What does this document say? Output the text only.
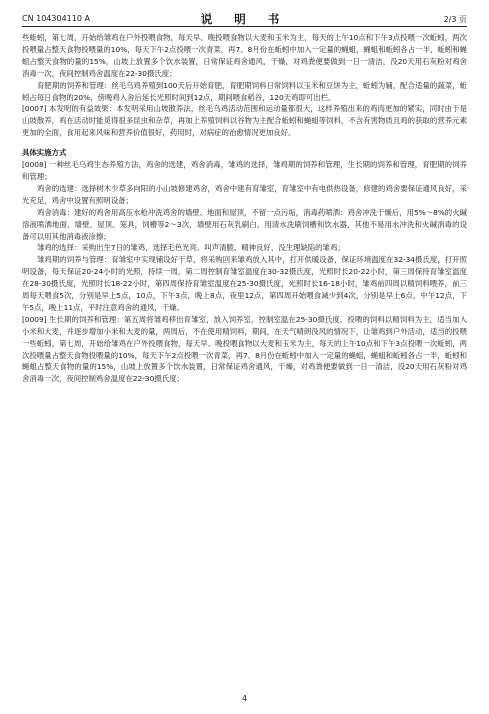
CN 104304110 A	说 明 书	2/3 页

些蚯蚓，第七周，开始给雏鸡在户外投喂食物，每天早、晚投喂食物以大麦和玉米为主，每天的上午10点和下午3点投喂一次蚯蚓，两次投喂量占整天食物投喂量的10%，每天下午2点投喂一次青菜，再7、8月份在蚯蚓中加入一定量的蝇蛆，蝇蛆和蚯蚓各占一半，蚯蚓和蝇蛆占整天食物的量的15%，山坡上放置多个饮水装置，日常保证鸡舍通风，干燥，对鸡粪便要做到一日一清洁，没20天用石灰粉对鸡舍消毒一次，夜间控制鸡舍温度在22-30摄氏度；

育肥期的饲养和管理：丝毛乌鸡养殖到100天后开始育肥，育肥期饲料日常饲料以玉米和豆饼为主，蚯蚓为辅，配合适量的蔬菜，蚯蚓占每日食物的20%，傍晚鸡入舍后延长光照时间到12点，期间喂食稻谷，120天鸡即可出栏。

[0007] 本发明的有益效果：本发明采用山坡散养法，丝毛乌鸡活动范围和运动量都很大，这样养殖出来的鸡肉更加的紧实，同时由于是山坡散养，鸡在活动时能觅得很多昆虫和杂草，再加上养殖饲料以谷物为主配合蚯蚓和蝇蛆等饲料，不含有害物质且鸡的获取的营养元素更加的全面，食用起来风味和营养价值很好，药用时，对病症的治愈情况更加良好。

具体实施方式

[0008] 一种丝毛乌鸡生态养殖方法，鸡舍的选建，鸡舍消毒，雏鸡的选择，雏鸡期的饲养和管理，生长期的饲养和管理，育肥期的饲养和管理；

鸡舍的选建：选择树木少草多向阳的小山坡修建鸡舍，鸡舍中建有育雏室，育雏室中有电供热设备，修建的鸡舍要保证通风良好，采光充足，鸡舍中设置有照明设备；

鸡舍消毒：建好的鸡舍用高压水枪冲洗鸡舍的墙壁、地面和屋顶，不留一点污垢，消毒药喷洒：鸡舍冲洗干燥后，用5%～8%的火碱溶液喷洒地面、墙壁、屋顶、笼具，饲槽等2～3次，墙壁用石灰乳刷白，用清水洗刷饲槽和饮水器，其他不易用水冲洗和火碱消毒的设备可以用其他消毒液涂擦；

雏鸡的选择：采购出生7日的雏鸡，选择毛色光亮、叫声清脆、精神良好、没生理缺陷的雏鸡；

雏鸡期的饲养与管理：育雏室中实现铺设好干草，将采购回来雏鸡放入其中，打开供暖设备，保证环境温度在32-34摄氏度，打开照明设备，每天保证20-24小时的光照，持续一周，第二周控制育雏室温度在30-32摄氏度，光照时长20-22小时，第三周保持育雏室温度在28-30摄氏度，光照时长18-22小时，第四周保持育雏室温度在25-30摄氏度，光照时长16-18小时，雏鸡前四周以精饲料喂养，前三周每天喂食5次，分别是早上5点，10点，下午3点，晚上8点，夜里12点，第四周开始喂食减少到4次，分别是早上6点，中午12点，下午5点，晚上11点，平时注意鸡舍的通风，干燥。

[0009] 生长期的饲养和管理：第五周将雏鸡移出育雏室，放入饲养室，控制室温在25-30摄氏度，投喂的饲料以精饲料为主，适当加入小米和大麦，并逐步增加小米和大麦的量，两周后，不在使用精饲料，期间，在天气晴朗没风的情况下，让雏鸡到户外活动，适当的投喂一些蚯蚓，第七周，开始给雏鸡在户外投喂食物，每天早、晚投喂食物以大麦和玉米为主，每天的上午10点和下午3点投喂一次蚯蚓，两次投喂量占整天食物投喂量的10%，每天下午2点投喂一次青菜，再7、8月份在蚯蚓中加入一定量的蝇蛆，蝇蛆和蚯蚓各占一半，蚯蚓和蝇蛆占整天食物的量的15%，山坡上放置多个饮水装置，日常保证鸡舍通风，干燥，对鸡粪便要做到一日一清洁，没20天用石灰粉对鸡舍消毒一次，夜间控制鸡舍温度在22-30摄氏度；

4
